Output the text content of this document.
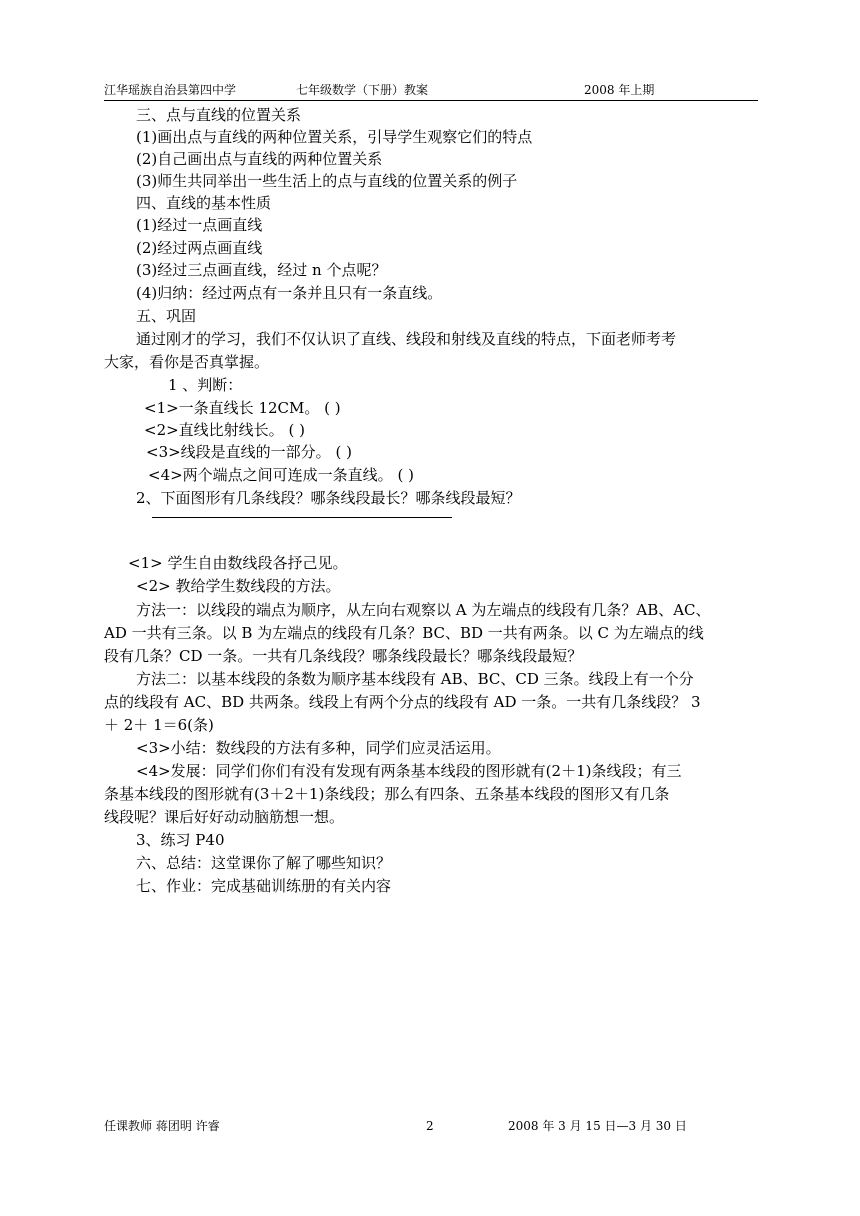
江华瑶族自治县第四中学	七年级数学（下册）教案	2008 年上期
三、点与直线的位置关系
(1)画出点与直线的两种位置关系，引导学生观察它们的特点
(2)自己画出点与直线的两种位置关系
(3)师生共同举出一些生活上的点与直线的位置关系的例子
四、直线的基本性质
(1)经过一点画直线
(2)经过两点画直线
(3)经过三点画直线，经过 n 个点呢？
(4)归纳：经过两点有一条并且只有一条直线。
五、巩固
通过刚才的学习，我们不仅认识了直线、线段和射线及直线的特点，下面老师考考
大家，看你是否真掌握。
1 、判断：
<1>一条直线长 12CM。 ( )
<2>直线比射线长。 ( )
<3>线段是直线的一部分。 ( )
<4>两个端点之间可连成一条直线。 ( )
2、下面图形有几条线段？哪条线段最长？哪条线段最短？
<1> 学生自由数线段各抒己见。
<2> 教给学生数线段的方法。
方法一：以线段的端点为顺序，从左向右观察以 A 为左端点的线段有几条？AB、AC、
AD 一共有三条。以 B 为左端点的线段有几条？BC、BD 一共有两条。以 C 为左端点的线
段有几条？CD 一条。一共有几条线段？哪条线段最长？哪条线段最短？
方法二：以基本线段的条数为顺序基本线段有 AB、BC、CD 三条。线段上有一个分
点的线段有 AC、BD 共两条。线段上有两个分点的线段有 AD 一条。一共有几条线段？ 3
＋ 2＋ 1＝6(条)
<3>小结：数线段的方法有多种，同学们应灵活运用。
<4>发展：同学们你们有没有发现有两条基本线段的图形就有(2＋1)条线段；有三
条基本线段的图形就有(3＋2＋1)条线段；那么有四条、五条基本线段的图形又有几条
线段呢？课后好好动动脑筋想一想。
3、练习 P40
六、总结：这堂课你了解了哪些知识？
七、作业：完成基础训练册的有关内容
任课教师 蒋团明 许睿	2	2008 年 3 月 15 日—3 月 30 日
